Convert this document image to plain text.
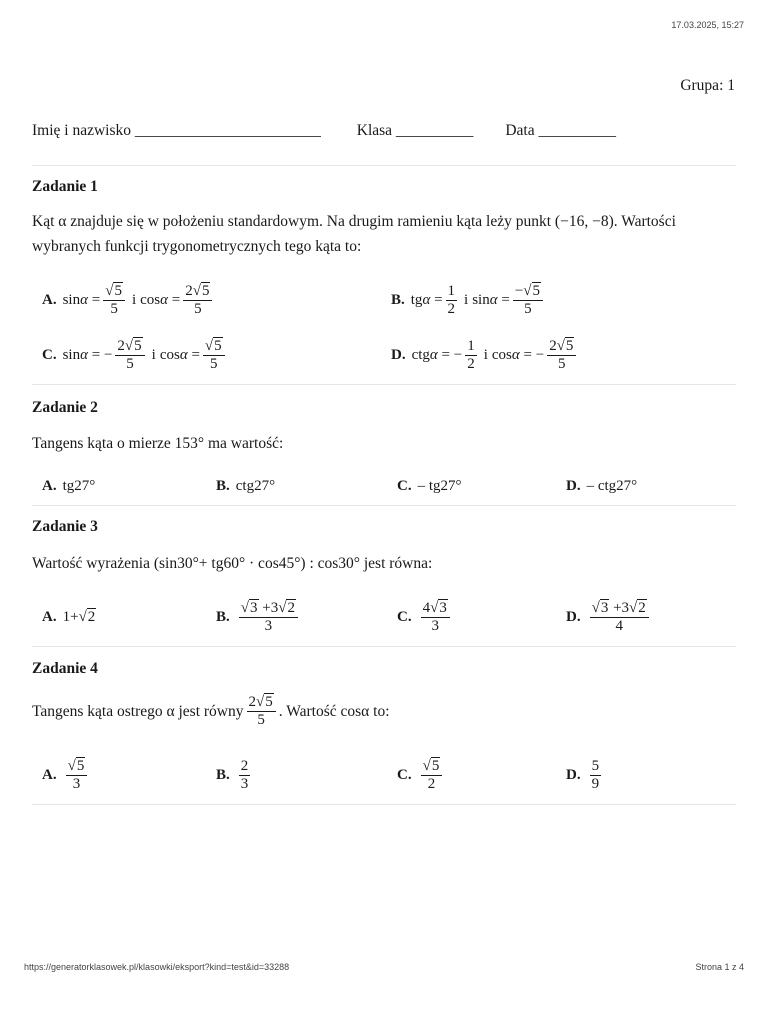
17.03.2025, 15:27
Grupa: 1
Imię i nazwisko ________________________ Klasa __________ Data __________
Zadanie 1
Kąt α znajduje się w położeniu standardowym. Na drugim ramieniu kąta leży punkt (−16, −8). Wartości wybranych funkcji trygonometrycznych tego kąta to:
A. sinα = √ $\frac{5}{5}$ i $\cos\alpha = \frac{2 √ 5}{5}$	B. $tg\alpha = \frac{1}{2}$ i $\sin\alpha = \frac{- √ 5}{5}$
C. sinα = − $\frac{2 √ 5}{5}$ i cosα = √ $\frac{5}{5}$	D. ctgα = − $\frac{1}{2}$ i cosα = − $\frac{2 √ 5}{5}$
Zadanie 2
Tangens kąta o mierze 153° ma wartość:
A. tg27°	B. ctg27°	C. – tg27°	D. – ctg27°
Zadanie 3
Wartość wyrażenia (sin30°+ tg60° · cos45°) : cos30° jest równa:
A. 1+ √ 2	B. √ $\frac{3 +3 √ 2}{3}$	C. $\frac{4 √ 3}{3}$	D. √ $\frac{3 +3 √ 2}{4}$
Zadanie 4
Tangens kąta ostrego α jest równy $\frac{2 √ 5}{5}$ . Wartość cosα to:
A. √ $\frac{5}{3}$	B. $\frac{2}{3}$	C. √ $\frac{5}{2}$	D. $\frac{5}{9}$
https://generatorklasowek.pl/klasowki/eksport?kind=test&id=33288	Strona 1 z 4
